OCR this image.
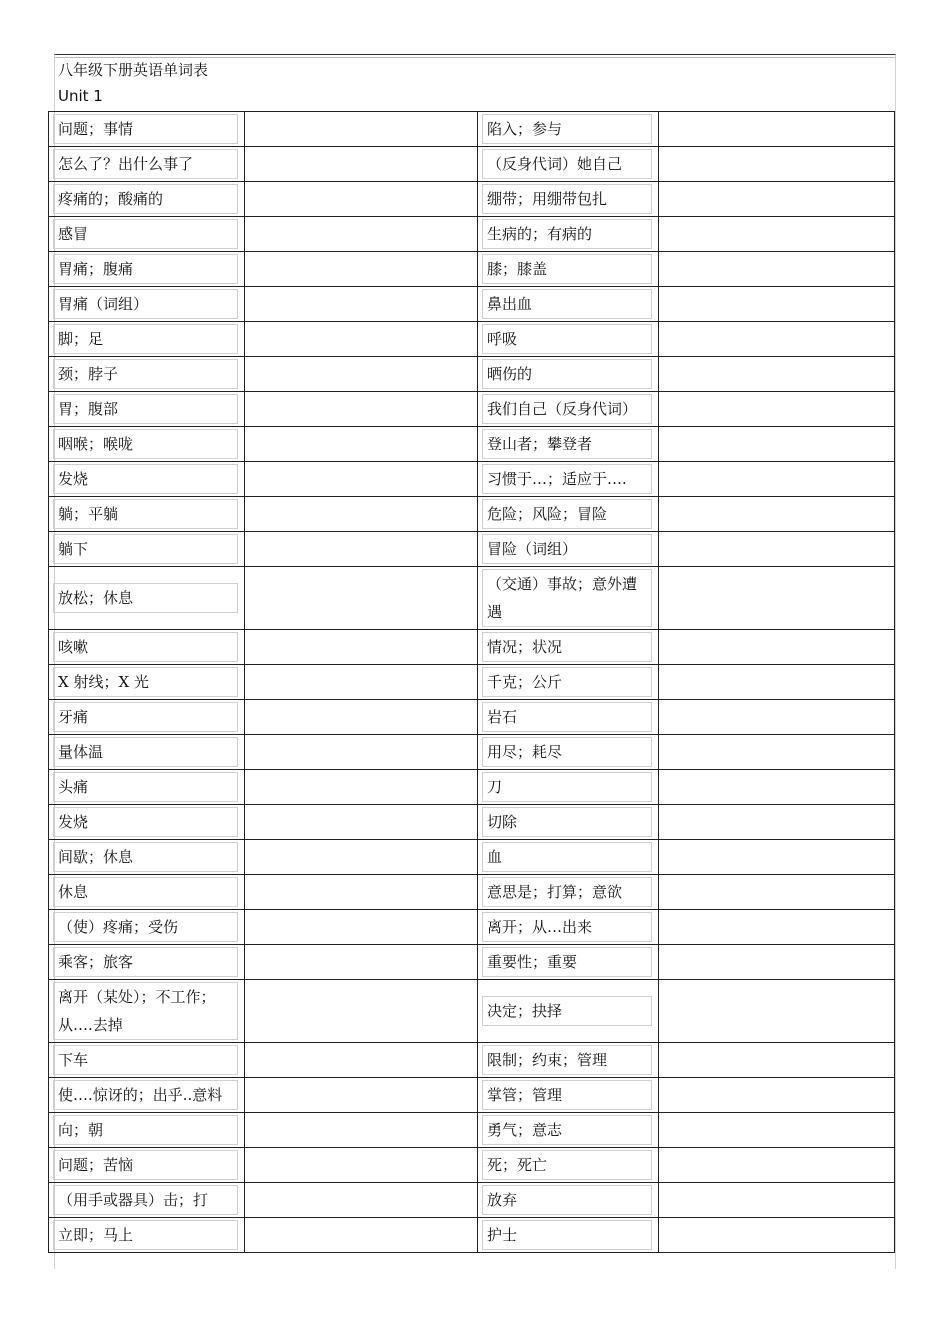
八年级下册英语单词表
Unit 1
问题；事情		陷入；参与	

怎么了？出什么事了		（反身代词）她自己	

疼痛的；酸痛的		绷带；用绷带包扎	

感冒		生病的；有病的	

胃痛；腹痛		膝；膝盖	

胃痛（词组）		鼻出血	

脚；足		呼吸	

颈；脖子		晒伤的	

胃；腹部		我们自己（反身代词）	

咽喉；喉咙		登山者；攀登者	

发烧		习惯于…；适应于….	

躺；平躺		危险；风险；冒险	

躺下		冒险（词组）	

放松；休息		（交通）事故；意外遭遇	

咳嗽		情况；状况	

X 射线；X 光		千克；公斤	

牙痛		岩石	

量体温		用尽；耗尽	

头痛		刀	

发烧		切除	

间歇；休息		血	

休息		意思是；打算；意欲	

（使）疼痛；受伤		离开；从…出来	

乘客；旅客		重要性；重要	

离开（某处）；不工作；从….去掉		决定；抉择	

下车		限制；约束；管理	

使….惊讶的；出乎..意料		掌管；管理	

向；朝		勇气；意志	

问题；苦恼		死；死亡	

（用手或器具）击；打		放弃	

立即；马上		护士	
